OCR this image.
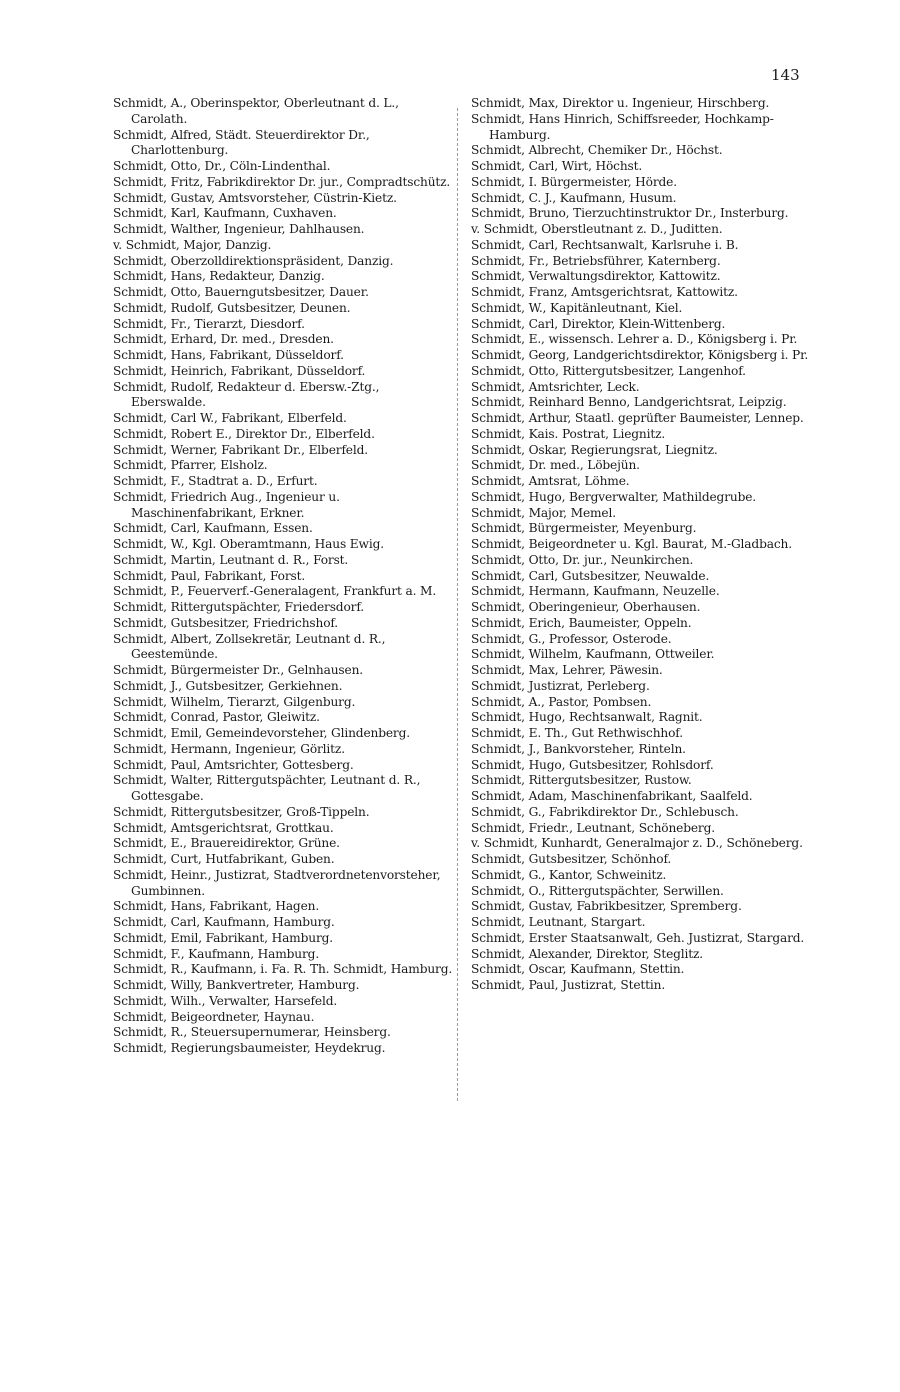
143

Schmidt, A., Oberinspektor, Oberleutnant d. L., Carolath.

Schmidt, Alfred, Städt. Steuerdirektor Dr., Charlottenburg.

Schmidt, Otto, Dr., Cöln-Lindenthal.

Schmidt, Fritz, Fabrikdirektor Dr. jur., Compradtschütz.

Schmidt, Gustav, Amtsvorsteher, Cüstrin-Kietz.

Schmidt, Karl, Kaufmann, Cuxhaven.

Schmidt, Walther, Ingenieur, Dahlhausen.

v. Schmidt, Major, Danzig.

Schmidt, Oberzolldirektionspräsident, Danzig.

Schmidt, Hans, Redakteur, Danzig.

Schmidt, Otto, Bauerngutsbesitzer, Dauer.

Schmidt, Rudolf, Gutsbesitzer, Deunen.

Schmidt, Fr., Tierarzt, Diesdorf.

Schmidt, Erhard, Dr. med., Dresden.

Schmidt, Hans, Fabrikant, Düsseldorf.

Schmidt, Heinrich, Fabrikant, Düsseldorf.

Schmidt, Rudolf, Redakteur d. Ebersw.-Ztg., Eberswalde.

Schmidt, Carl W., Fabrikant, Elberfeld.

Schmidt, Robert E., Direktor Dr., Elberfeld.

Schmidt, Werner, Fabrikant Dr., Elberfeld.

Schmidt, Pfarrer, Elsholz.

Schmidt, F., Stadtrat a. D., Erfurt.

Schmidt, Friedrich Aug., Ingenieur u. Maschinenfabrikant, Erkner.

Schmidt, Carl, Kaufmann, Essen.

Schmidt, W., Kgl. Oberamtmann, Haus Ewig.

Schmidt, Martin, Leutnant d. R., Forst.

Schmidt, Paul, Fabrikant, Forst.

Schmidt, P., Feuerverf.-Generalagent, Frankfurt a. M.

Schmidt, Rittergutspächter, Friedersdorf.

Schmidt, Gutsbesitzer, Friedrichshof.

Schmidt, Albert, Zollsekretär, Leutnant d. R., Geestemünde.

Schmidt, Bürgermeister Dr., Gelnhausen.

Schmidt, J., Gutsbesitzer, Gerkiehnen.

Schmidt, Wilhelm, Tierarzt, Gilgenburg.

Schmidt, Conrad, Pastor, Gleiwitz.

Schmidt, Emil, Gemeindevorsteher, Glindenberg.

Schmidt, Hermann, Ingenieur, Görlitz.

Schmidt, Paul, Amtsrichter, Gottesberg.

Schmidt, Walter, Rittergutspächter, Leutnant d. R., Gottesgabe.

Schmidt, Rittergutsbesitzer, Groß-Tippeln.

Schmidt, Amtsgerichtsrat, Grottkau.

Schmidt, E., Brauereidirektor, Grüne.

Schmidt, Curt, Hutfabrikant, Guben.

Schmidt, Heinr., Justizrat, Stadtverordnetenvorsteher, Gumbinnen.

Schmidt, Hans, Fabrikant, Hagen.

Schmidt, Carl, Kaufmann, Hamburg.

Schmidt, Emil, Fabrikant, Hamburg.

Schmidt, F., Kaufmann, Hamburg.

Schmidt, R., Kaufmann, i. Fa. R. Th. Schmidt, Hamburg.

Schmidt, Willy, Bankvertreter, Hamburg.

Schmidt, Wilh., Verwalter, Harsefeld.

Schmidt, Beigeordneter, Haynau.

Schmidt, R., Steuersupernumerar, Heinsberg.

Schmidt, Regierungsbaumeister, Heydekrug.

Schmidt, Max, Direktor u. Ingenieur, Hirschberg.

Schmidt, Hans Hinrich, Schiffsreeder, Hochkamp-Hamburg.

Schmidt, Albrecht, Chemiker Dr., Höchst.

Schmidt, Carl, Wirt, Höchst.

Schmidt, I. Bürgermeister, Hörde.

Schmidt, C. J., Kaufmann, Husum.

Schmidt, Bruno, Tierzuchtinstruktor Dr., Insterburg.

v. Schmidt, Oberstleutnant z. D., Juditten.

Schmidt, Carl, Rechtsanwalt, Karlsruhe i. B.

Schmidt, Fr., Betriebsführer, Katernberg.

Schmidt, Verwaltungsdirektor, Kattowitz.

Schmidt, Franz, Amtsgerichtsrat, Kattowitz.

Schmidt, W., Kapitänleutnant, Kiel.

Schmidt, Carl, Direktor, Klein-Wittenberg.

Schmidt, E., wissensch. Lehrer a. D., Königsberg i. Pr.

Schmidt, Georg, Landgerichtsdirektor, Königsberg i. Pr.

Schmidt, Otto, Rittergutsbesitzer, Langenhof.

Schmidt, Amtsrichter, Leck.

Schmidt, Reinhard Benno, Landgerichtsrat, Leipzig.

Schmidt, Arthur, Staatl. geprüfter Baumeister, Lennep.

Schmidt, Kais. Postrat, Liegnitz.

Schmidt, Oskar, Regierungsrat, Liegnitz.

Schmidt, Dr. med., Löbejün.

Schmidt, Amtsrat, Löhme.

Schmidt, Hugo, Bergverwalter, Mathildegrube.

Schmidt, Major, Memel.

Schmidt, Bürgermeister, Meyenburg.

Schmidt, Beigeordneter u. Kgl. Baurat, M.-Gladbach.

Schmidt, Otto, Dr. jur., Neunkirchen.

Schmidt, Carl, Gutsbesitzer, Neuwalde.

Schmidt, Hermann, Kaufmann, Neuzelle.

Schmidt, Oberingenieur, Oberhausen.

Schmidt, Erich, Baumeister, Oppeln.

Schmidt, G., Professor, Osterode.

Schmidt, Wilhelm, Kaufmann, Ottweiler.

Schmidt, Max, Lehrer, Päwesin.

Schmidt, Justizrat, Perleberg.

Schmidt, A., Pastor, Pombsen.

Schmidt, Hugo, Rechtsanwalt, Ragnit.

Schmidt, E. Th., Gut Rethwischhof.

Schmidt, J., Bankvorsteher, Rinteln.

Schmidt, Hugo, Gutsbesitzer, Rohlsdorf.

Schmidt, Rittergutsbesitzer, Rustow.

Schmidt, Adam, Maschinenfabrikant, Saalfeld.

Schmidt, G., Fabrikdirektor Dr., Schlebusch.

Schmidt, Friedr., Leutnant, Schöneberg.

v. Schmidt, Kunhardt, Generalmajor z. D., Schöneberg.

Schmidt, Gutsbesitzer, Schönhof.

Schmidt, G., Kantor, Schweinitz.

Schmidt, O., Rittergutspächter, Serwillen.

Schmidt, Gustav, Fabrikbesitzer, Spremberg.

Schmidt, Leutnant, Stargart.

Schmidt, Erster Staatsanwalt, Geh. Justizrat, Stargard.

Schmidt, Alexander, Direktor, Steglitz.

Schmidt, Oscar, Kaufmann, Stettin.

Schmidt, Paul, Justizrat, Stettin.
